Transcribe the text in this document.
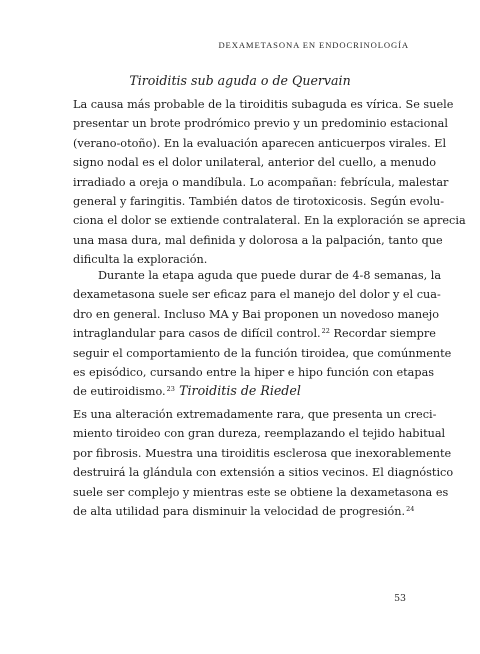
DEXAMETASONA EN ENDOCRINOLOGÍA
Tiroiditis sub aguda o de Quervain

La causa más probable de la tiroiditis subaguda es vírica. Se suele
presentar un brote prodrómico previo y un predominio estacional
(verano-otoño). En la evaluación aparecen anticuerpos virales. El
signo nodal es el dolor unilateral, anterior del cuello, a menudo
irradiado a oreja o mandíbula. Lo acompañan: febrícula, malestar
general y faringitis. También datos de tirotoxicosis. Según evolu-
ciona el dolor se extiende contralateral. En la exploración se aprecia
una masa dura, mal definida y dolorosa a la palpación, tanto que
dificulta la exploración.

Durante la etapa aguda que puede durar de 4-8 semanas, la
dexametasona suele ser eficaz para el manejo del dolor y el cua-
dro en general. Incluso MA y Bai proponen un novedoso manejo
intraglandular para casos de difícil control.$^{22}$ Recordar siempre
seguir el comportamiento de la función tiroidea, que comúnmente
es episódico, cursando entre la hiper e hipo función con etapas
de eutiroidismo.$^{23}$ Tiroiditis de Riedel

Es una alteración extremadamente rara, que presenta un creci-
miento tiroideo con gran dureza, reemplazando el tejido habitual
por fibrosis. Muestra una tiroiditis esclerosa que inexorablemente
destruirá la glándula con extensión a sitios vecinos. El diagnóstico
suele ser complejo y mientras este se obtiene la dexametasona es
de alta utilidad para disminuir la velocidad de progresión.$^{24}$

53
